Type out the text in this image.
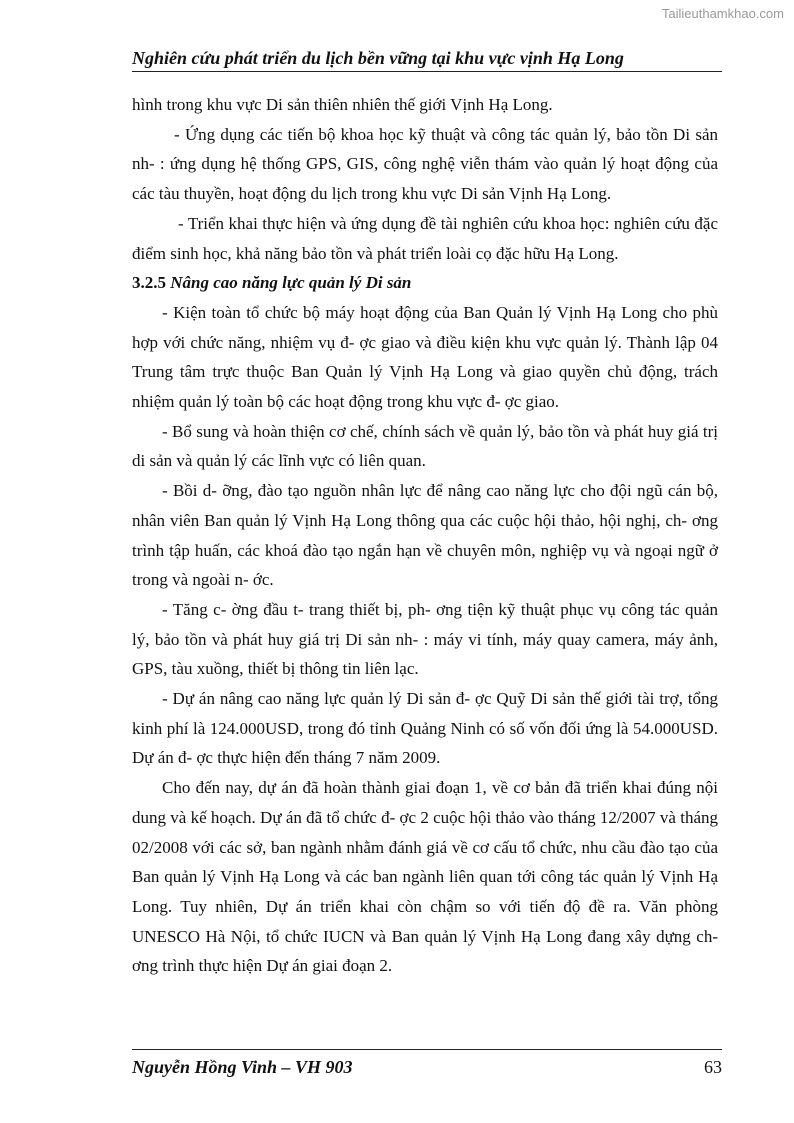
Tailieuthamkhao.com
Nghiên cứu phát triển du lịch bền vững tại khu vực vịnh Hạ Long

hình trong khu vực Di sản thiên nhiên thế giới Vịnh Hạ Long.

- Ứng dụng các tiến bộ khoa học kỹ thuật và công tác quản lý, bảo tồn Di sản nh- : ứng dụng hệ thống GPS, GIS, công nghệ viễn thám vào quản lý hoạt động của các tàu thuyền, hoạt động du lịch trong khu vực Di sản Vịnh Hạ Long.

- Triển khai thực hiện và ứng dụng đề tài nghiên cứu khoa học: nghiên cứu đặc điểm sinh học, khả năng bảo tồn và phát triển loài cọ đặc hữu Hạ Long.

3.2.5 Nâng cao năng lực quản lý Di sản

- Kiện toàn tổ chức bộ máy hoạt động của Ban Quản lý Vịnh Hạ Long cho phù hợp với chức năng, nhiệm vụ đ- ợc giao và điều kiện khu vực quản lý. Thành lập 04 Trung tâm trực thuộc Ban Quản lý Vịnh Hạ Long và giao quyền chủ động, trách nhiệm quản lý toàn bộ các hoạt động trong khu vực đ- ợc giao.

- Bổ sung và hoàn thiện cơ chế, chính sách về quản lý, bảo tồn và phát huy giá trị di sản và quản lý các lĩnh vực có liên quan.

- Bồi d- ỡng, đào tạo nguồn nhân lực để nâng cao năng lực cho đội ngũ cán bộ, nhân viên Ban quản lý Vịnh Hạ Long thông qua các cuộc hội thảo, hội nghị, ch- ơng trình tập huấn, các khoá đào tạo ngắn hạn về chuyên môn, nghiệp vụ và ngoại ngữ ở trong và ngoài n- ớc.

- Tăng c- ờng đầu t- trang thiết bị, ph- ơng tiện kỹ thuật phục vụ công tác quản lý, bảo tồn và phát huy giá trị Di sản nh- : máy vi tính, máy quay camera, máy ảnh, GPS, tàu xuồng, thiết bị thông tin liên lạc.

- Dự án nâng cao năng lực quản lý Di sản đ- ợc Quỹ Di sản thế giới tài trợ, tổng kinh phí là 124.000USD, trong đó tỉnh Quảng Ninh có số vốn đối ứng là 54.000USD. Dự án đ- ợc thực hiện đến tháng 7 năm 2009.

Cho đến nay, dự án đã hoàn thành giai đoạn 1, về cơ bản đã triển khai đúng nội dung và kế hoạch. Dự án đã tổ chức đ- ợc 2 cuộc hội thảo vào tháng 12/2007 và tháng 02/2008 với các sở, ban ngành nhằm đánh giá về cơ cấu tổ chức, nhu cầu đào tạo của Ban quản lý Vịnh Hạ Long và các ban ngành liên quan tới công tác quản lý Vịnh Hạ Long. Tuy nhiên, Dự án triển khai còn chậm so với tiến độ đề ra. Văn phòng UNESCO Hà Nội, tổ chức IUCN và Ban quản lý Vịnh Hạ Long đang xây dựng ch- ơng trình thực hiện Dự án giai đoạn 2.

Nguyễn Hồng Vinh – VH 903	63
